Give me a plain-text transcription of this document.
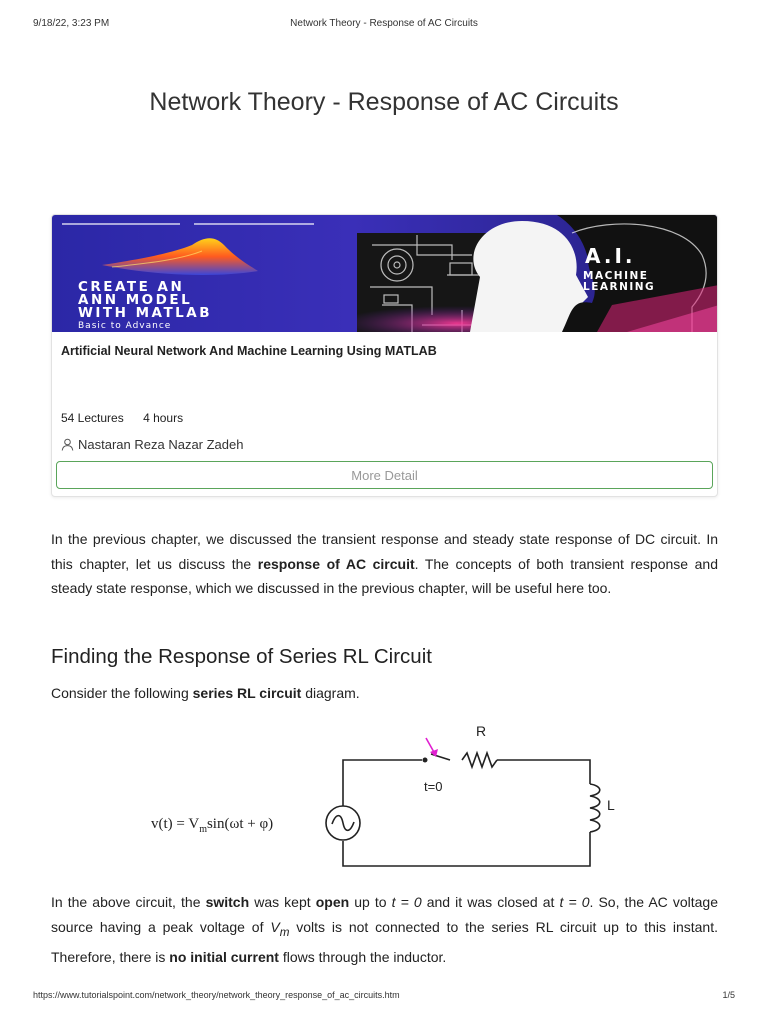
9/18/22, 3:23 PM	Network Theory - Response of AC Circuits
Network Theory - Response of AC Circuits
CREATE AN
ANN MODEL
WITH MATLAB
Basic to Advance
A.I.
MACHINE
LEARNING
Artificial Neural Network And Machine Learning Using MATLAB
54 Lectures 4 hours
Nastaran Reza Nazar Zadeh
More Detail

In the previous chapter, we discussed the transient response and steady state response of DC circuit. In this chapter, let us discuss the response of AC circuit. The concepts of both transient response and steady state response, which we discussed in the previous chapter, will be useful here too.

Finding the Response of Series RL Circuit

Consider the following series RL circuit diagram.

R
t=0
L
$v(t) = V_m\sin(\omega t + \varphi)$

In the above circuit, the switch was kept open up to t = 0 and it was closed at t = 0. So, the AC voltage source having a peak voltage of $V_m$ volts is not connected to the series RL circuit up to this instant. Therefore, there is no initial current flows through the inductor.

https://www.tutorialspoint.com/network_theory/network_theory_response_of_ac_circuits.htm	1/5
